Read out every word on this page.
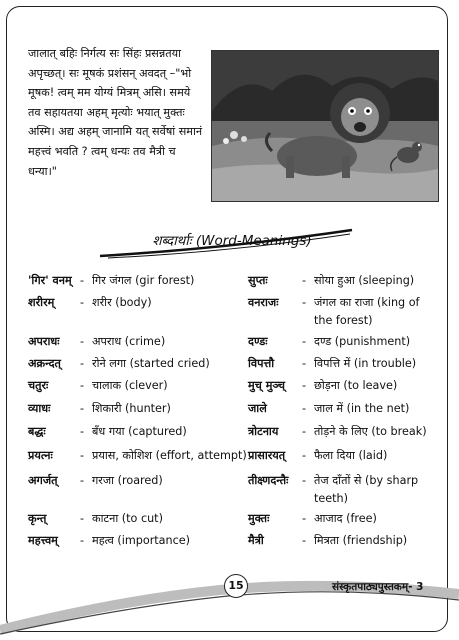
जालात् बहिः निर्गत्य सः सिंहः प्रसन्नतया
अपृच्छत्। सः मूषकं प्रशंसन् अवदत् –"भो
मूषक! त्वम् मम योग्यं मित्रम् असि। समये
तव सहायतया अहम् मृत्योः भयात् मुक्तः
अस्मि। अद्य अहम् जानामि यत् सर्वेषां समानं
महत्त्वं भवति ? त्वम् धन्यः तव मैत्री च
धन्या।"
शब्दार्थाः (Word-Meanings)
'गिर' वनम् - गिर जंगल (gir forest)	सुप्तः	- सोया हुआ (sleeping)
शरीरम् - शरीर (body)	वनराजः - जंगल का राजा (king of
the forest)
अपराधः - अपराध (crime)	दण्डः	- दण्ड (punishment)
अक्रन्दत् - रोने लगा (started cried)	विपत्तौ - विपत्ति में (in trouble)
चतुरः	- चालाक (clever)	मुच् मुञ्च् - छोड़ना (to leave)
व्याधः	- शिकारी (hunter)	जाले	- जाल में (in the net)
बद्धः	- बँध गया (captured)	त्रोटनाय - तोड़ने के लिए (to break)
प्रयत्नः - प्रयास, कोशिश (effort, attempt) प्रासारयत् - फैला दिया (laid)
अगर्जत् - गरजा (roared)	तीक्ष्णदन्तैः - तेज दाँतों से (by sharp
teeth)
कृन्त्	- काटना (to cut)	मुक्तः	- आजाद (free)
महत्त्वम् - महत्व (importance)	मैत्री	- मित्रता (friendship)
15	संस्कृतपाठ्यपुस्तकम्- 3
